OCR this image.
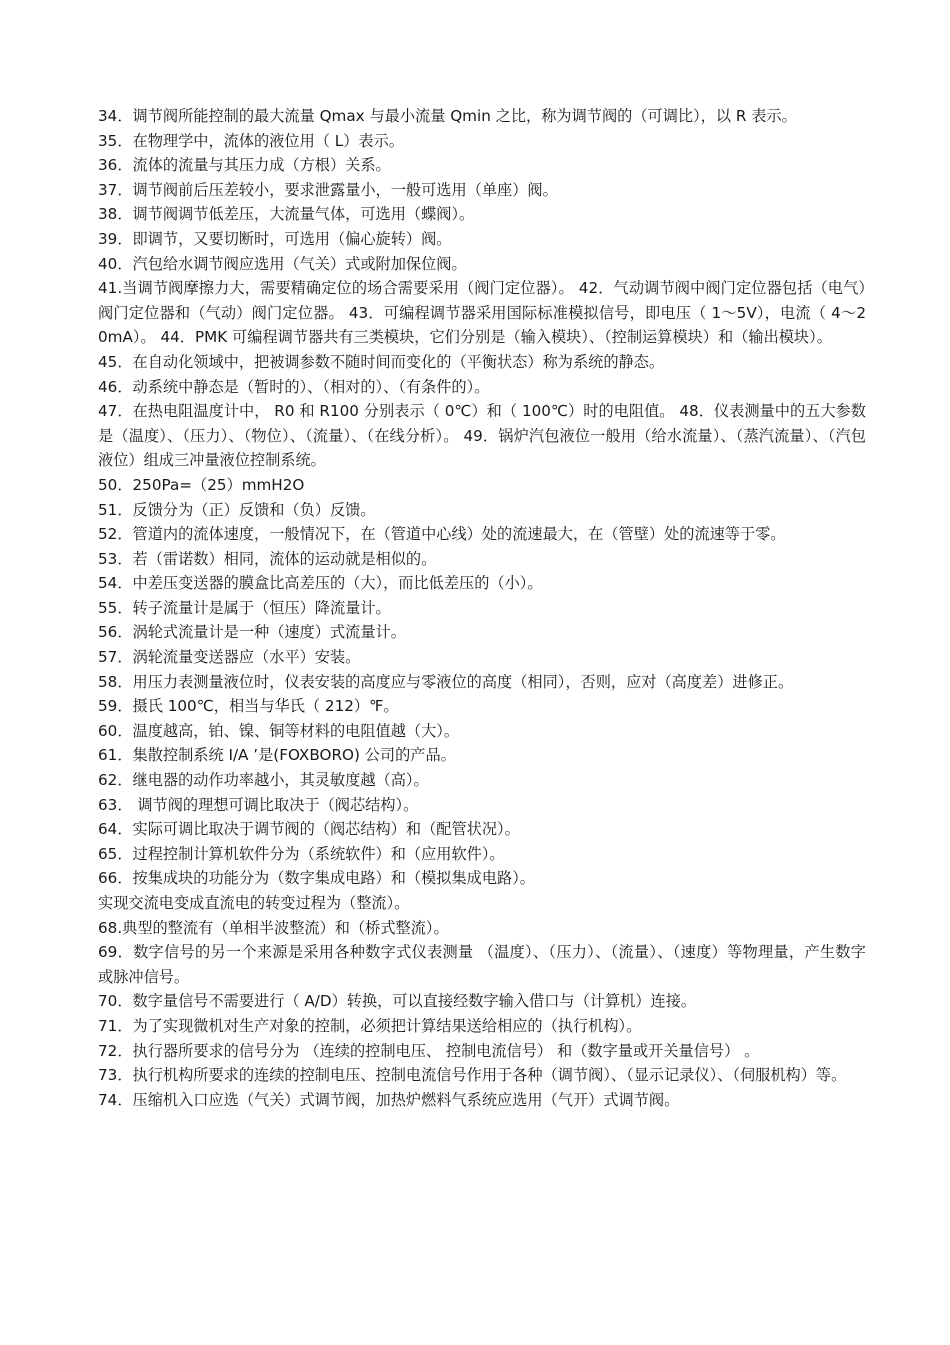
34．调节阀所能控制的最大流量 Qmax 与最小流量 Qmin 之比，称为调节阀的（可调比），以 R 表示。

35．在物理学中，流体的液位用（ L）表示。

36．流体的流量与其压力成（方根）关系。

37．调节阀前后压差较小，要求泄露量小，一般可选用（单座）阀。

38．调节阀调节低差压，大流量气体，可选用（蝶阀）。

39．即调节，又要切断时，可选用（偏心旋转）阀。

40．汽包给水调节阀应选用（气关）式或附加保位阀。

41.当调节阀摩擦力大，需要精确定位的场合需要采用（阀门定位器）。 42．气动调节阀中阀门定位器包括（电气）阀门定位器和（气动）阀门定位器。 43．可编程调节器采用国际标准模拟信号，即电压（ 1～5V），电流（ 4～20mA）。 44．PMK 可编程调节器共有三类模块，它们分别是（输入模块）、（控制运算模块）和（输出模块）。

45．在自动化领域中，把被调参数不随时间而变化的（平衡状态）称为系统的静态。

46．动系统中静态是（暂时的）、（相对的）、（有条件的）。

47．在热电阻温度计中， R0 和 R100 分别表示（ 0℃）和（ 100℃）时的电阻值。 48．仪表测量中的五大参数是（温度）、（压力）、（物位）、（流量）、（在线分析）。 49．锅炉汽包液位一般用（给水流量）、（蒸汽流量）、（汽包液位）组成三冲量液位控制系统。

50．250Pa=（25）mmH2O

51．反馈分为（正）反馈和（负）反馈。

52．管道内的流体速度，一般情况下，在（管道中心线）处的流速最大，在（管壁）处的流速等于零。

53．若（雷诺数）相同，流体的运动就是相似的。

54．中差压变送器的膜盒比高差压的（大），而比低差压的（小）。

55．转子流量计是属于（恒压）降流量计。

56．涡轮式流量计是一种（速度）式流量计。

57．涡轮流量变送器应（水平）安装。

58．用压力表测量液位时，仪表安装的高度应与零液位的高度（相同），否则，应对（高度差）进修正。

59．摄氏 100℃，相当与华氏（ 212）℉。

60．温度越高，铂、镍、铜等材料的电阻值越（大）。

61．集散控制系统 I/A ’是(FOXBORO) 公司的产品。

62．继电器的动作功率越小，其灵敏度越（高）。

63． 调节阀的理想可调比取决于（阀芯结构）。

64．实际可调比取决于调节阀的（阀芯结构）和（配管状况）。

65．过程控制计算机软件分为（系统软件）和（应用软件）。

66．按集成块的功能分为（数字集成电路）和（模拟集成电路）。

实现交流电变成直流电的转变过程为（整流）。

68.典型的整流有（单相半波整流）和（桥式整流）。

69．数字信号的另一个来源是采用各种数字式仪表测量 （温度）、（压力）、（流量）、（速度）等物理量，产生数字或脉冲信号。

70．数字量信号不需要进行（ A/D）转换，可以直接经数字输入借口与（计算机）连接。

71．为了实现微机对生产对象的控制，必须把计算结果送给相应的（执行机构）。

72．执行器所要求的信号分为 （连续的控制电压、 控制电流信号） 和（数字量或开关量信号） 。

73．执行机构所要求的连续的控制电压、控制电流信号作用于各种（调节阀）、（显示记录仪）、（伺服机构）等。

74．压缩机入口应选（气关）式调节阀，加热炉燃料气系统应选用（气开）式调节阀。
